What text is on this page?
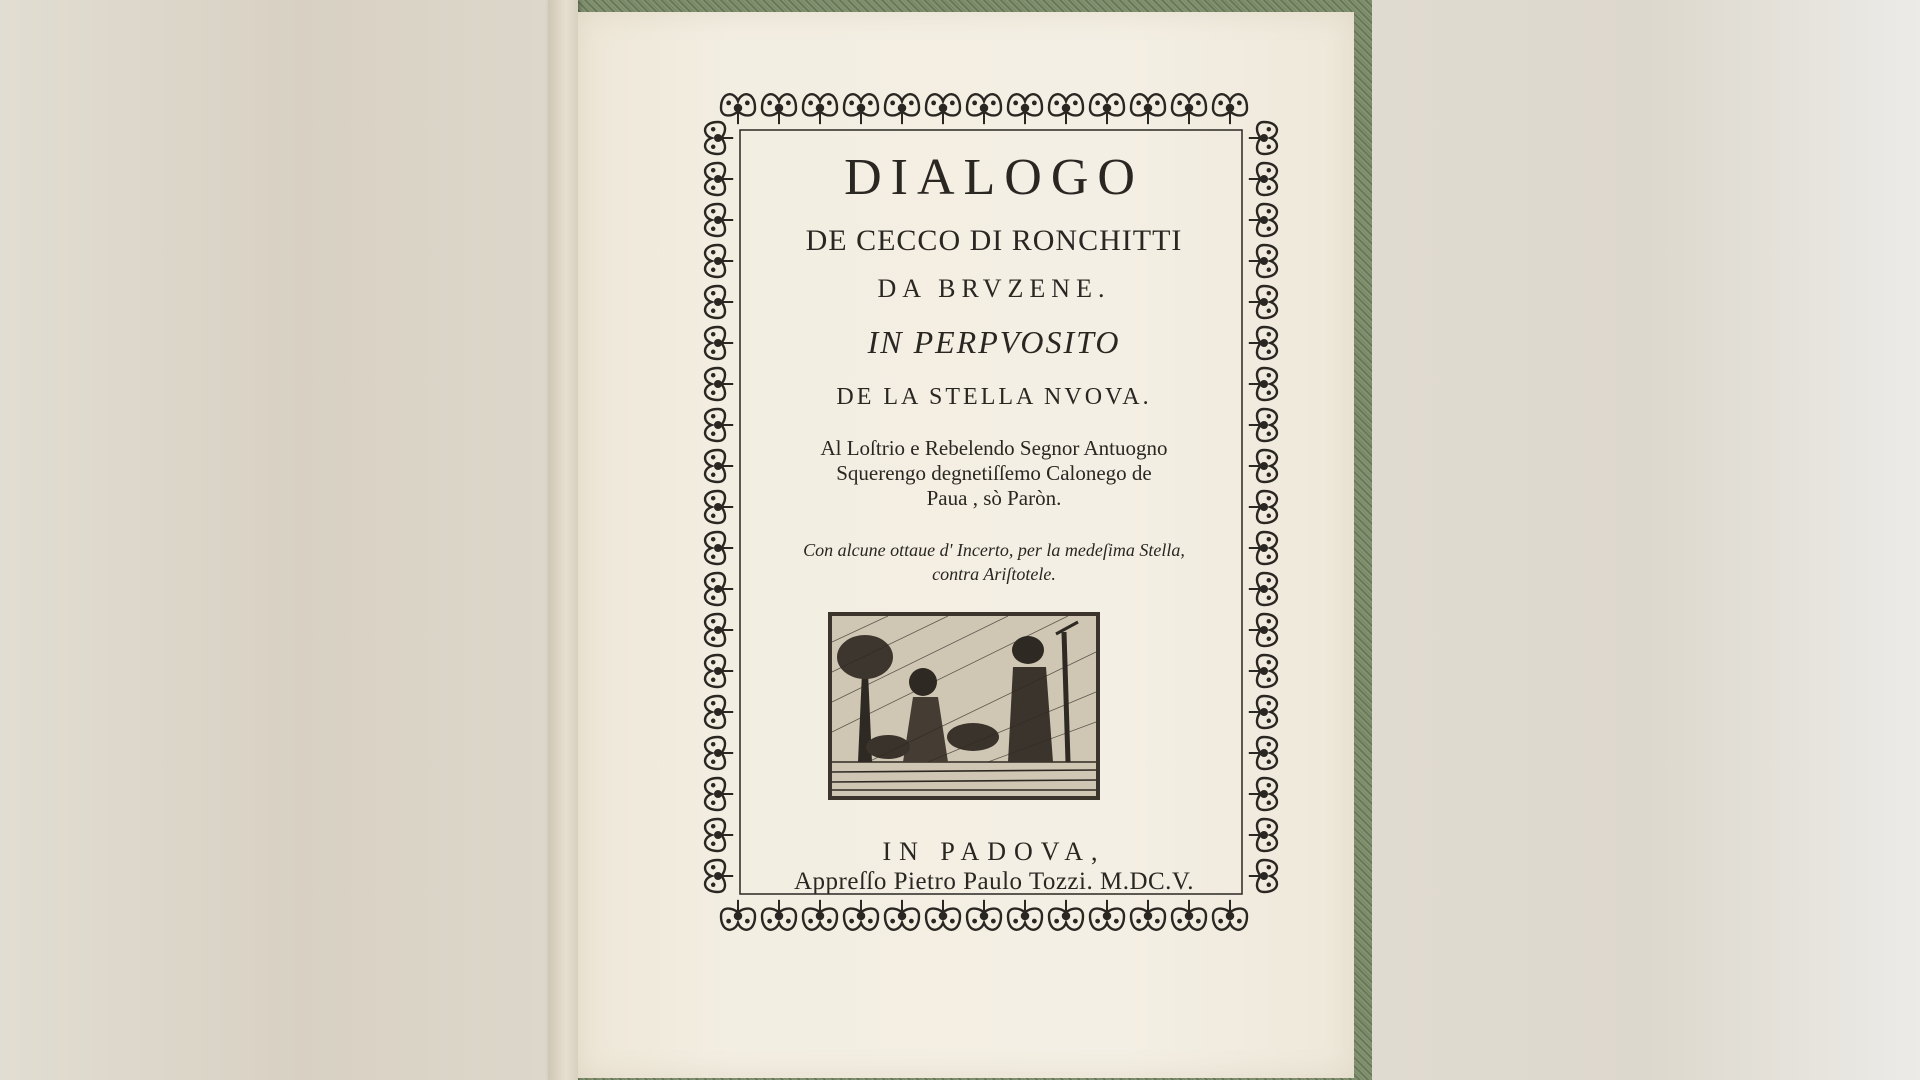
DIALOGO
DE CECCO DI RONCHITTI
DA BRVZENE.
IN PERPVOSITO
DE LA STELLA NVOVA.
Al Loſtrio e Rebelendo Segnor Antuogno
Squerengo degnetiſſemo Calonego de
Paua , sò Paròn.
Con alcune ottaue d' Incerto, per la medeſima Stella,
contra Ariſtotele.
IN PADOVA,
Appreſſo Pietro Paulo Tozzi. M.DC.V.
